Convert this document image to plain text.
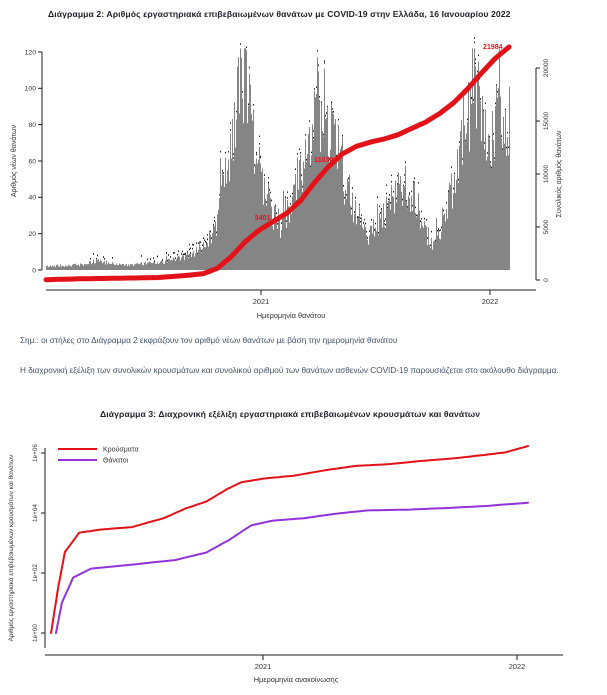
Διάγραμμα 2: Αριθμός εργαστηριακά επιβεβαιωμένων θανάτων με COVID-19 στην Ελλάδα, 16 Ιανουαρίου 2022
0
20
40
60
80
100
120
Αριθμός νέων θανάτων
0
5000
10000
15000
20000
Συνολικός αριθμός θανάτων
2021	2022
Ημερομηνία θανάτου
5401
11030
21984
Σημ.: οι στήλες στο Διάγραμμα 2 εκφράζουν τον αριθμό νέων θανάτων με βάση την ημερομηνία θανάτου
Η διαχρονική εξέλιξη των συνολικών κρουσμάτων και συνολικού αριθμού των θανάτων ασθενών COVID-19 παρουσιάζεται στο ακόλουθο διάγραμμα.
Διάγραμμα 3: Διαχρονική εξέλιξη εργαστηριακά επιβεβαιωμένων κρουσμάτων και θανάτων
1e+00
1e+02
1e+04
1e+06
Αριθμός εργαστηριακά επιβεβαιωμένων κρουσμάτων και θανάτων
2021	2022
Ημερομηνία ανακοίνωσης
Κρούσματα
Θάνατοι
